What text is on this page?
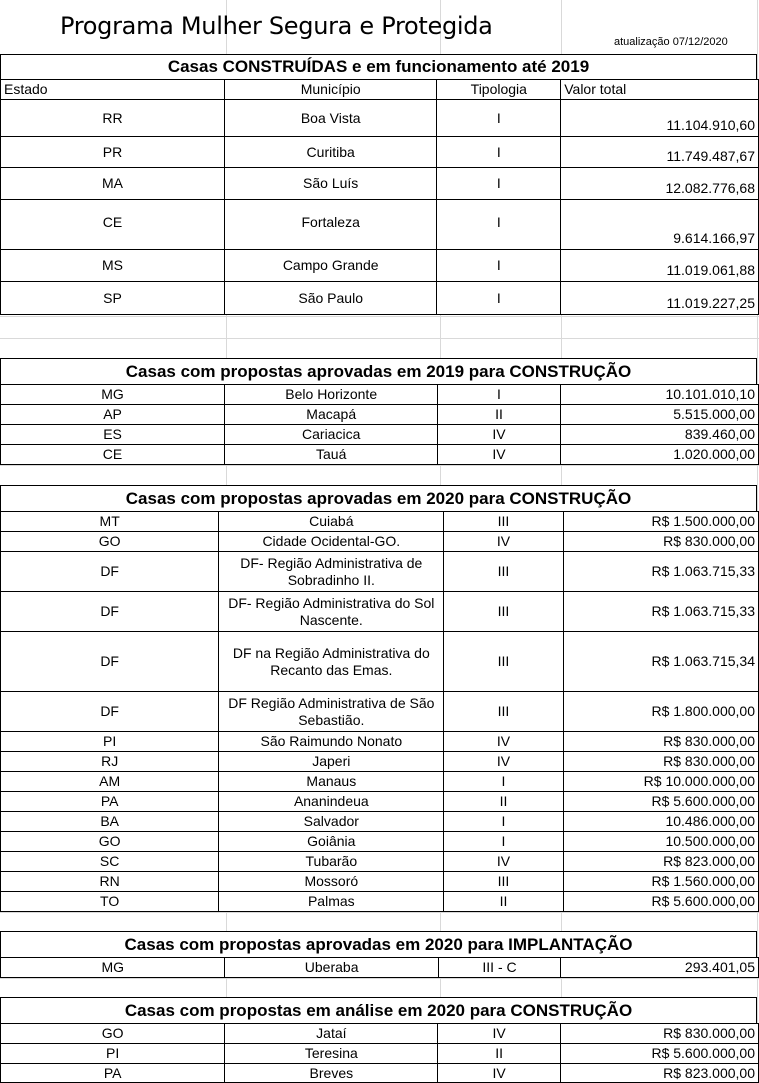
Programa Mulher Segura e Protegida
atualização 07/12/2020
Casas CONSTRUÍDAS e em funcionamento até 2019
Estado	Município	Tipologia	Valor total
RR	Boa Vista	I	11.104.910,60
PR	Curitiba	I	11.749.487,67
MA	São Luís	I	12.082.776,68
CE	Fortaleza	I	9.614.166,97
MS	Campo Grande	I	11.019.061,88
SP	São Paulo	I	11.019.227,25
Casas com propostas aprovadas em 2019 para CONSTRUÇÃO
MG	Belo Horizonte	I	10.101.010,10
AP	Macapá	II	5.515.000,00
ES	Cariacica	IV	839.460,00
CE	Tauá	IV	1.020.000,00
Casas com propostas aprovadas em 2020 para CONSTRUÇÃO
MT	Cuiabá	III	R$ 1.500.000,00
GO	Cidade Ocidental-GO.	IV	R$ 830.000,00
DF	DF- Região Administrativa de Sobradinho II.	III	R$ 1.063.715,33
DF	DF- Região Administrativa do Sol Nascente.	III	R$ 1.063.715,33
DF	DF na Região Administrativa do Recanto das Emas.	III	R$ 1.063.715,34
DF	DF Região Administrativa de São Sebastião.	III	R$ 1.800.000,00
PI	São Raimundo Nonato	IV	R$ 830.000,00
RJ	Japeri	IV	R$ 830.000,00
AM	Manaus	I	R$ 10.000.000,00
PA	Ananindeua	II	R$ 5.600.000,00
BA	Salvador	I	10.486.000,00
GO	Goiânia	I	10.500.000,00
SC	Tubarão	IV	R$ 823.000,00
RN	Mossoró	III	R$ 1.560.000,00
TO	Palmas	II	R$ 5.600.000,00
Casas com propostas aprovadas em 2020 para IMPLANTAÇÃO
MG	Uberaba	III - C	293.401,05
Casas com propostas em análise em 2020 para CONSTRUÇÃO
GO	Jataí	IV	R$ 830.000,00
PI	Teresina	II	R$ 5.600.000,00
PA	Breves	IV	R$ 823.000,00
